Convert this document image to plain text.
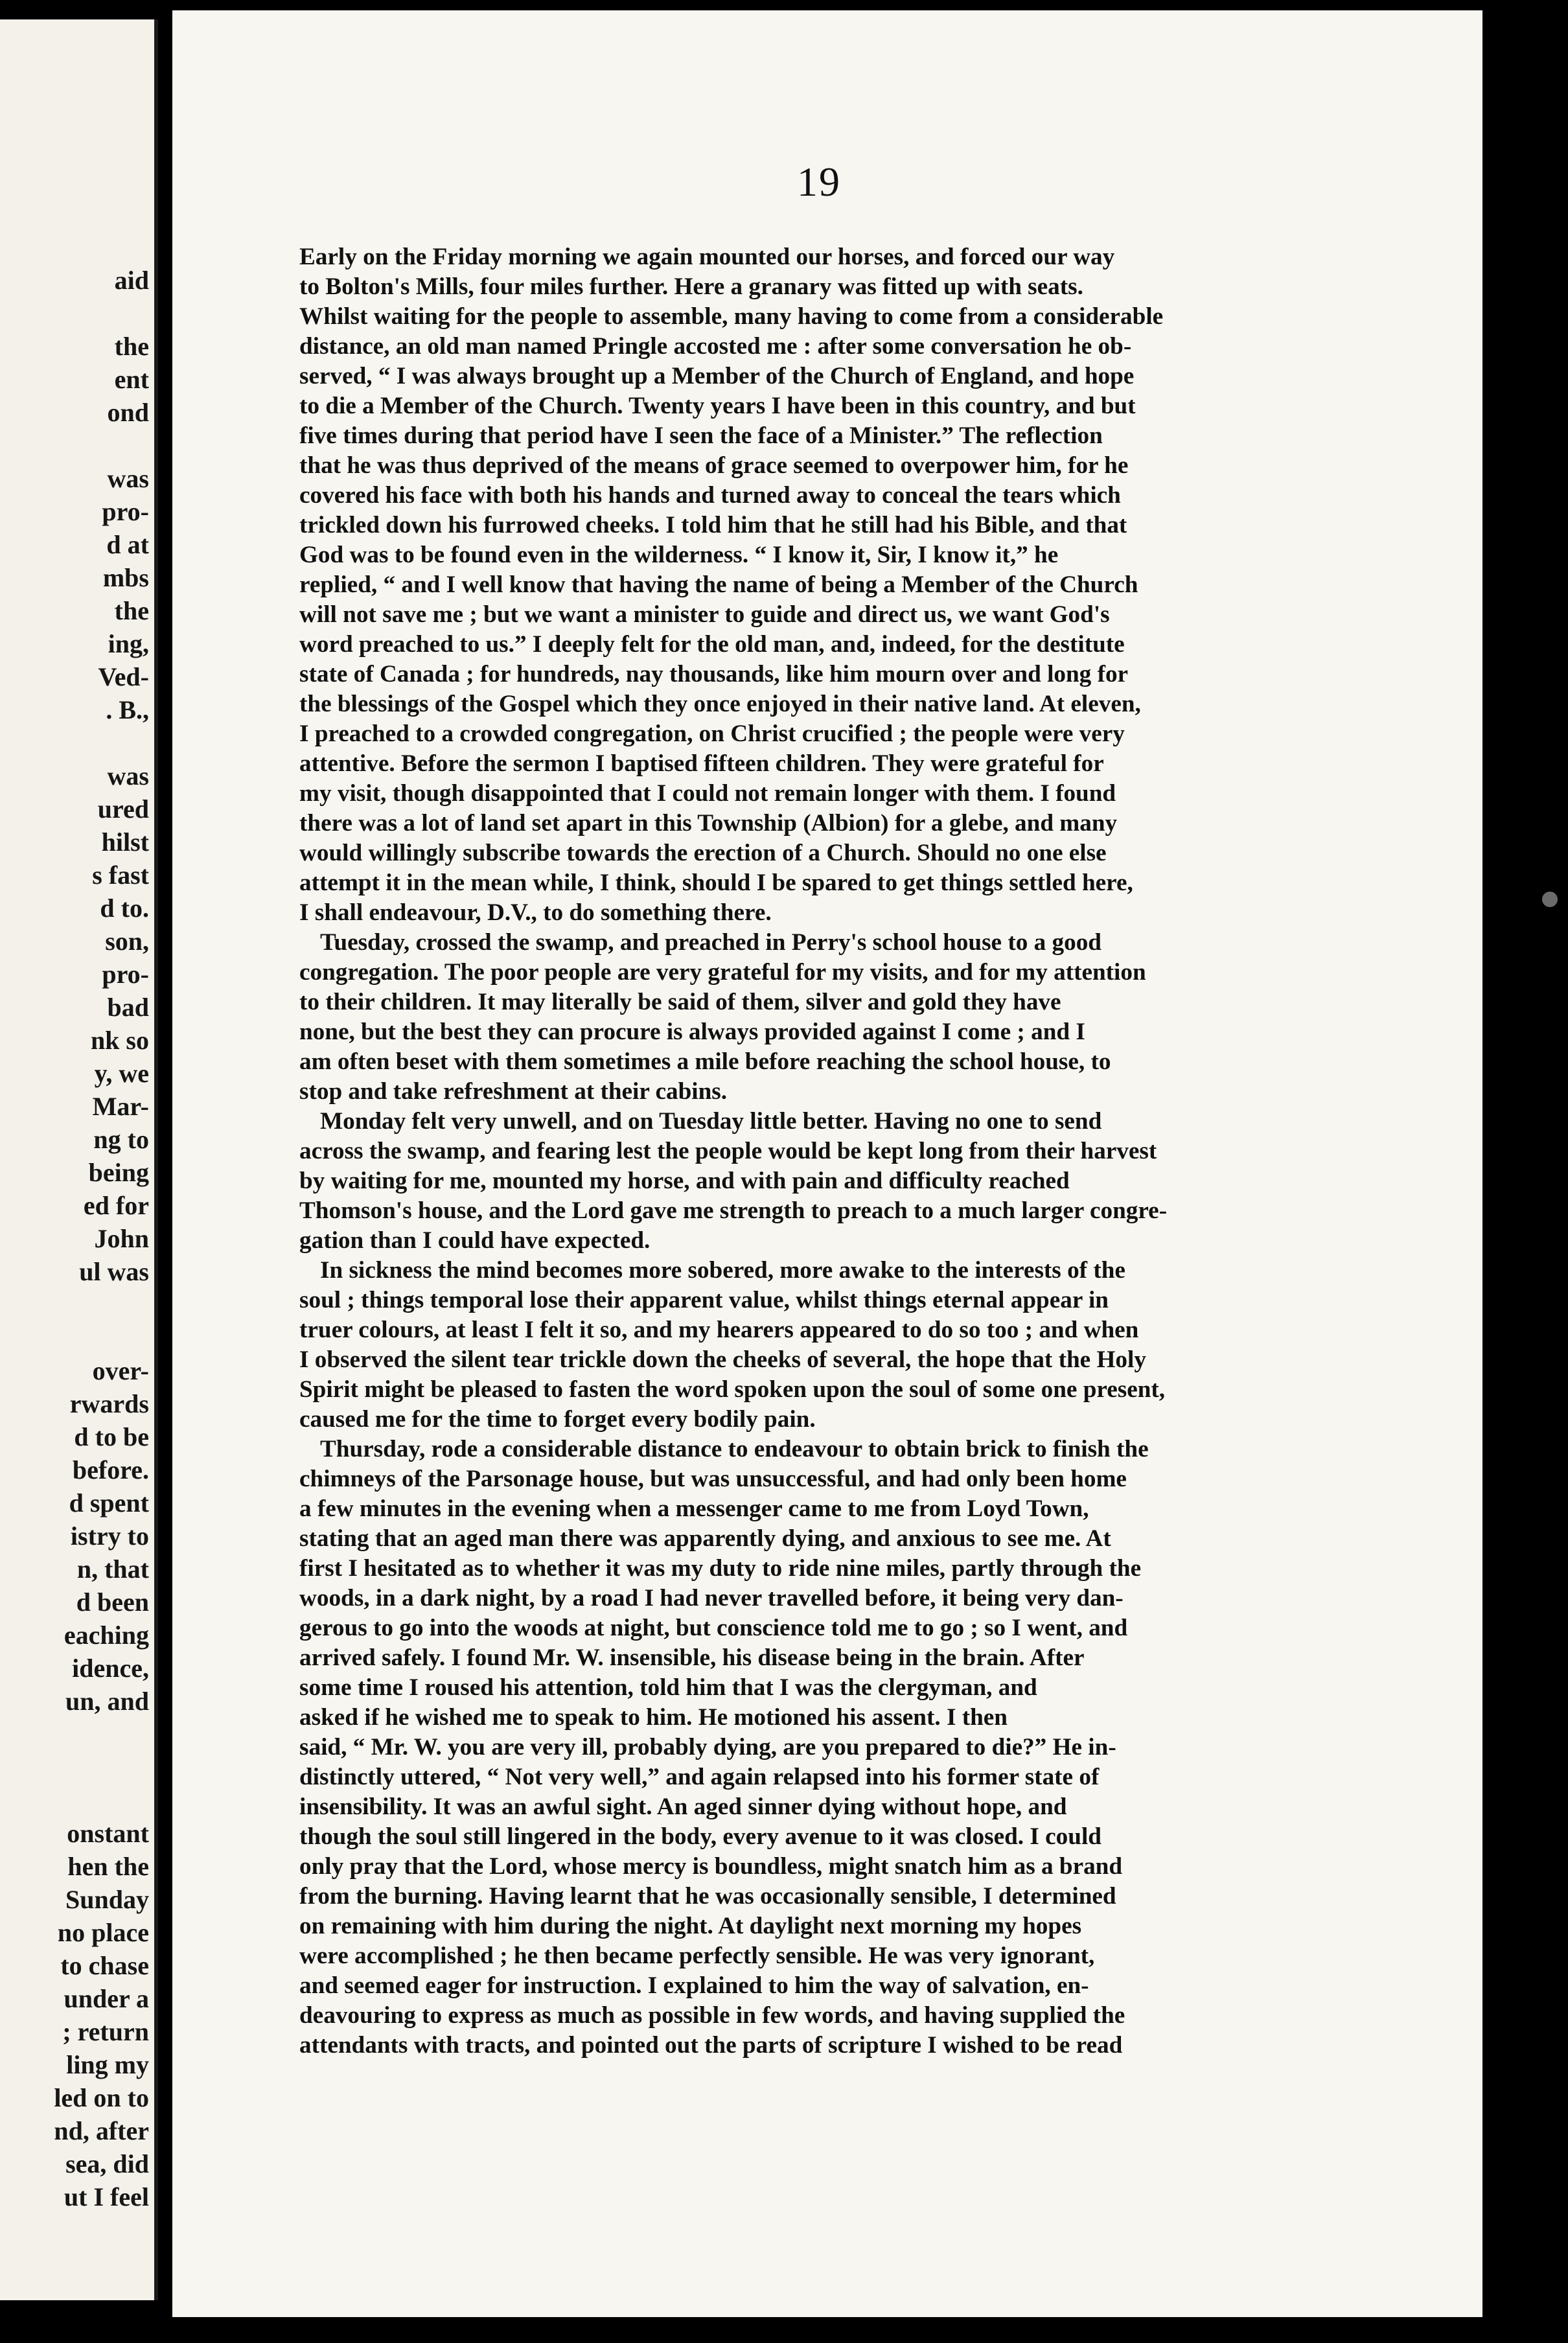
aid
the
ent
ond
was
pro-
d at
mbs
the
ing,
Ved-
. B.,
was
ured
hilst
s fast
d to.
son,
pro-
bad
nk so
y, we
Mar-
ng to
being
ed for
John
ul was
over-
rwards
d to be
before.
d spent
istry to
n, that
d been
eaching
idence,
un, and
onstant
hen the
Sunday
no place
to chase
under a
; return
ling my
led on to
nd, after
sea, did
ut I feel
19
Early on the Friday morning we again mounted our horses, and forced our way
to Bolton's Mills, four miles further. Here a granary was fitted up with seats.
Whilst waiting for the people to assemble, many having to come from a considerable
distance, an old man named Pringle accosted me : after some conversation he ob-
served, “ I was always brought up a Member of the Church of England, and hope
to die a Member of the Church. Twenty years I have been in this country, and but
five times during that period have I seen the face of a Minister.” The reflection
that he was thus deprived of the means of grace seemed to overpower him, for he
covered his face with both his hands and turned away to conceal the tears which
trickled down his furrowed cheeks. I told him that he still had his Bible, and that
God was to be found even in the wilderness. “ I know it, Sir, I know it,” he
replied, “ and I well know that having the name of being a Member of the Church
will not save me ; but we want a minister to guide and direct us, we want God's
word preached to us.” I deeply felt for the old man, and, indeed, for the destitute
state of Canada ; for hundreds, nay thousands, like him mourn over and long for
the blessings of the Gospel which they once enjoyed in their native land. At eleven,
I preached to a crowded congregation, on Christ crucified ; the people were very
attentive. Before the sermon I baptised fifteen children. They were grateful for
my visit, though disappointed that I could not remain longer with them. I found
there was a lot of land set apart in this Township (Albion) for a glebe, and many
would willingly subscribe towards the erection of a Church. Should no one else
attempt it in the mean while, I think, should I be spared to get things settled here,
I shall endeavour, D.V., to do something there.
Tuesday, crossed the swamp, and preached in Perry's school house to a good
congregation. The poor people are very grateful for my visits, and for my attention
to their children. It may literally be said of them, silver and gold they have
none, but the best they can procure is always provided against I come ; and I
am often beset with them sometimes a mile before reaching the school house, to
stop and take refreshment at their cabins.
Monday felt very unwell, and on Tuesday little better. Having no one to send
across the swamp, and fearing lest the people would be kept long from their harvest
by waiting for me, mounted my horse, and with pain and difficulty reached
Thomson's house, and the Lord gave me strength to preach to a much larger congre-
gation than I could have expected.
In sickness the mind becomes more sobered, more awake to the interests of the
soul ; things temporal lose their apparent value, whilst things eternal appear in
truer colours, at least I felt it so, and my hearers appeared to do so too ; and when
I observed the silent tear trickle down the cheeks of several, the hope that the Holy
Spirit might be pleased to fasten the word spoken upon the soul of some one present,
caused me for the time to forget every bodily pain.
Thursday, rode a considerable distance to endeavour to obtain brick to finish the
chimneys of the Parsonage house, but was unsuccessful, and had only been home
a few minutes in the evening when a messenger came to me from Loyd Town,
stating that an aged man there was apparently dying, and anxious to see me. At
first I hesitated as to whether it was my duty to ride nine miles, partly through the
woods, in a dark night, by a road I had never travelled before, it being very dan-
gerous to go into the woods at night, but conscience told me to go ; so I went, and
arrived safely. I found Mr. W. insensible, his disease being in the brain. After
some time I roused his attention, told him that I was the clergyman, and
asked if he wished me to speak to him. He motioned his assent. I then
said, “ Mr. W. you are very ill, probably dying, are you prepared to die?” He in-
distinctly uttered, “ Not very well,” and again relapsed into his former state of
insensibility. It was an awful sight. An aged sinner dying without hope, and
though the soul still lingered in the body, every avenue to it was closed. I could
only pray that the Lord, whose mercy is boundless, might snatch him as a brand
from the burning. Having learnt that he was occasionally sensible, I determined
on remaining with him during the night. At daylight next morning my hopes
were accomplished ; he then became perfectly sensible. He was very ignorant,
and seemed eager for instruction. I explained to him the way of salvation, en-
deavouring to express as much as possible in few words, and having supplied the
attendants with tracts, and pointed out the parts of scripture I wished to be read
